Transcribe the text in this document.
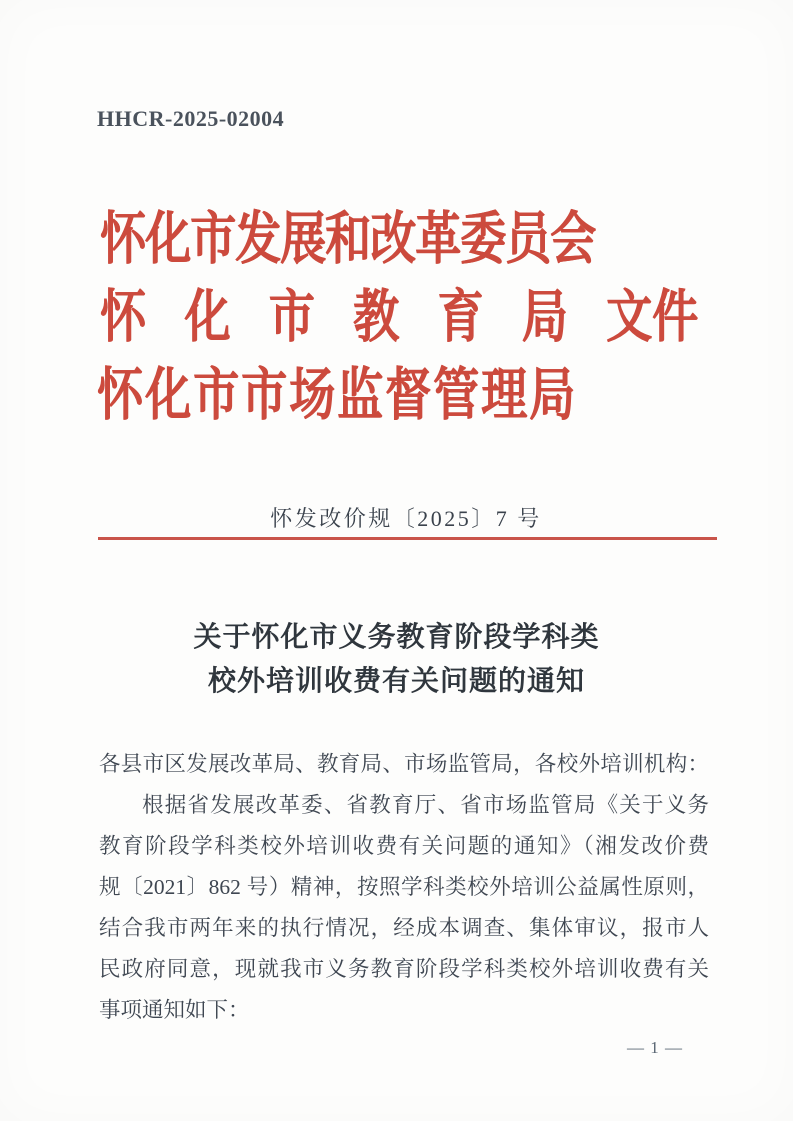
HHCR-2025-02004
怀化市发展和改革委员会
怀 化 市 教 育 局 文件
怀化市市场监督管理局
怀发改价规〔2025〕7 号
关于怀化市义务教育阶段学科类
校外培训收费有关问题的通知
各县市区发展改革局、教育局、市场监管局，各校外培训机构：
根据省发展改革委、省教育厅、省市场监管局《关于义务
教育阶段学科类校外培训收费有关问题的通知》（湘发改价费
规〔2021〕862 号）精神，按照学科类校外培训公益属性原则，
结合我市两年来的执行情况，经成本调查、集体审议，报市人
民政府同意，现就我市义务教育阶段学科类校外培训收费有关
事项通知如下：
— 1 —
